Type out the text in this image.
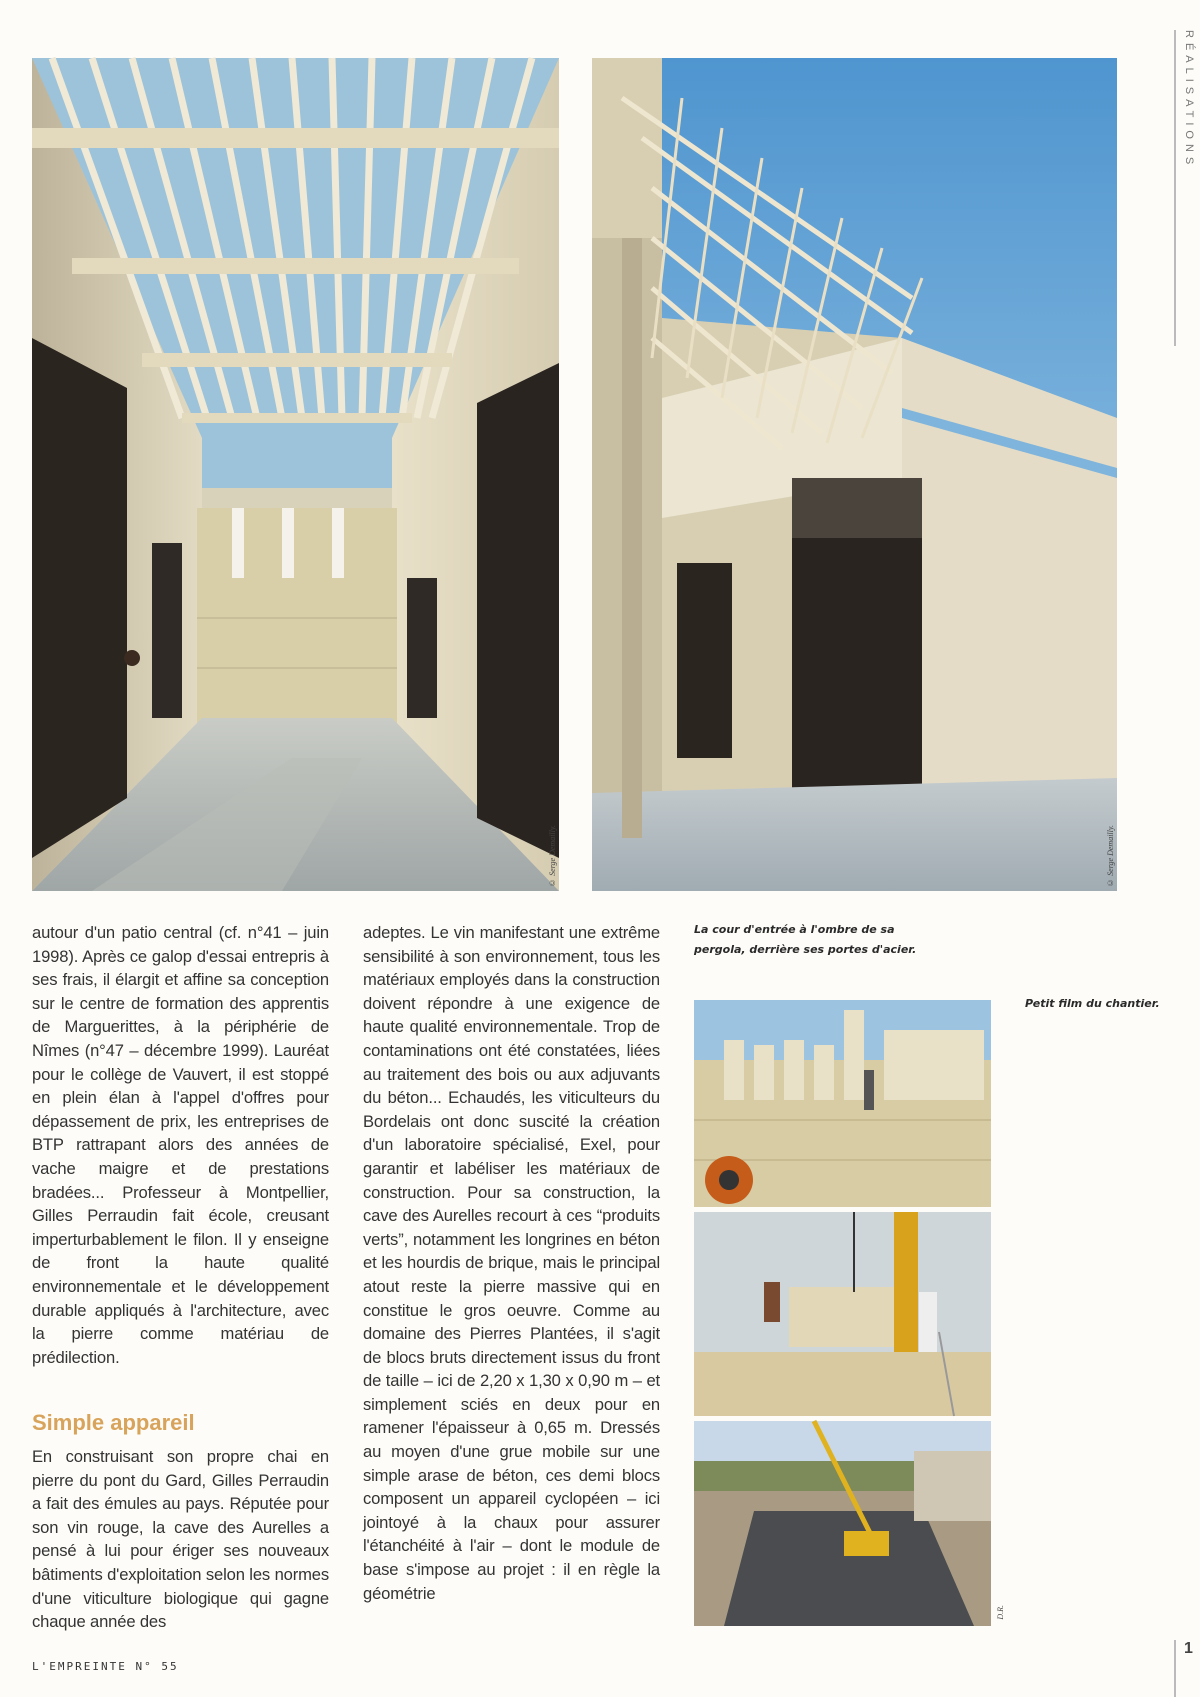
© Serge Demailly.	© Serge Demailly.
RÉALISATIONS
La cour d'entrée à l'ombre de sa pergola, derrière ses portes d'acier.
Petit film du chantier.

autour d'un patio central (cf. n°41 – juin 1998). Après ce galop d'essai entrepris à ses frais, il élargit et affine sa conception sur le centre de formation des apprentis de Marguerittes, à la périphérie de Nîmes (n°47 – décembre 1999). Lauréat pour le collège de Vauvert, il est stoppé en plein élan à l'appel d'offres pour dépassement de prix, les entreprises de BTP rattrapant alors des années de vache maigre et de prestations bradées... Professeur à Montpellier, Gilles Perraudin fait école, creusant imperturbablement le filon. Il y enseigne de front la haute qualité environnementale et le développement durable appliqués à l'architecture, avec la pierre comme matériau de prédilection.

Simple appareil

En construisant son propre chai en pierre du pont du Gard, Gilles Perraudin a fait des émules au pays. Réputée pour son vin rouge, la cave des Aurelles a pensé à lui pour ériger ses nouveaux bâtiments d'exploitation selon les normes d'une viticulture biologique qui gagne chaque année des

adeptes. Le vin manifestant une extrême sensibilité à son environnement, tous les matériaux employés dans la construction doivent répondre à une exigence de haute qualité environnementale. Trop de contaminations ont été constatées, liées au traitement des bois ou aux adjuvants du béton... Echaudés, les viticulteurs du Bordelais ont donc suscité la création d'un laboratoire spécialisé, Exel, pour garantir et labéliser les matériaux de construction. Pour sa construction, la cave des Aurelles recourt à ces “produits verts”, notamment les longrines en béton et les hourdis de brique, mais le principal atout reste la pierre massive qui en constitue le gros oeuvre. Comme au domaine des Pierres Plantées, il s'agit de blocs bruts directement issus du front de taille – ici de 2,20 x 1,30 x 0,90 m – et simplement sciés en deux pour en ramener l'épaisseur à 0,65 m. Dressés au moyen d'une grue mobile sur une simple arase de béton, ces demi blocs composent un appareil cyclopéen – ici jointoyé à la chaux pour assurer l'étanchéité à l'air – dont le module de base s'impose au projet : il en règle la géométrie

D.R.
L'EMPREINTE N° 55
1
